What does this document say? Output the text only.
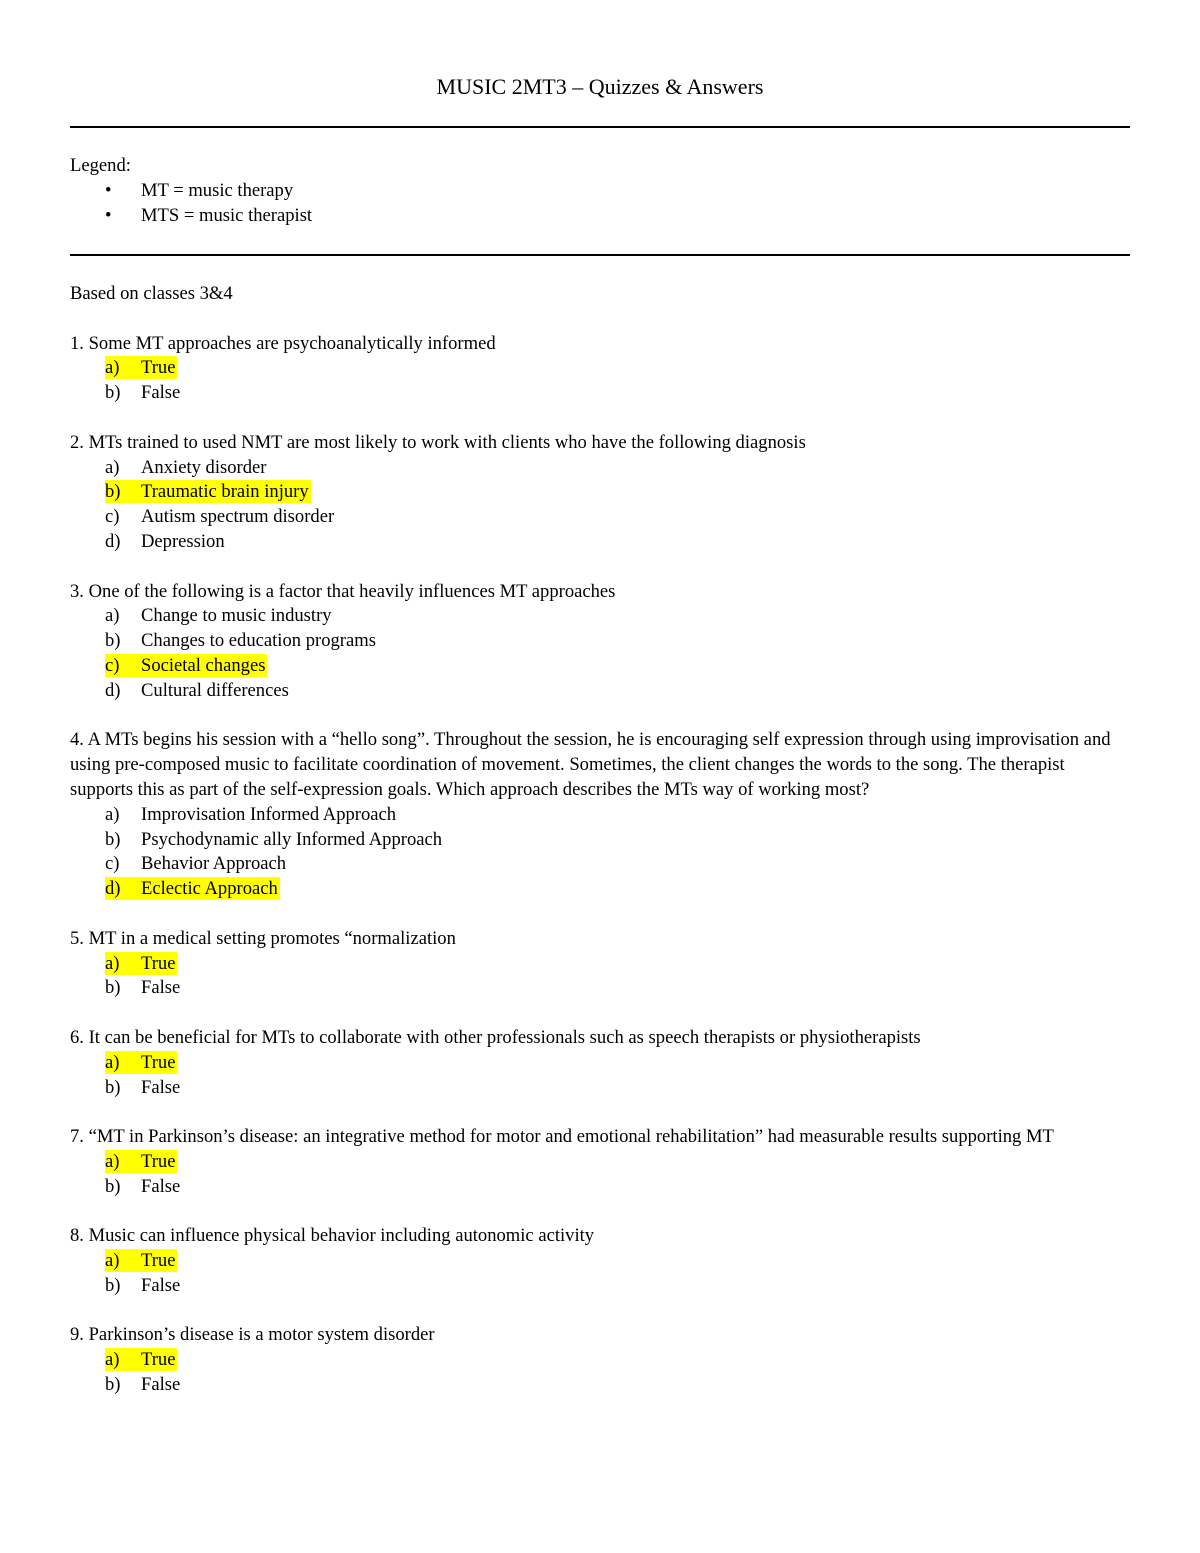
MUSIC 2MT3 – Quizzes & Answers
Legend:
• MT = music therapy
• MTS = music therapist
Based on classes 3&4
1. Some MT approaches are psychoanalytically informed
a) True
b)	False
2. MTs trained to used NMT are most likely to work with clients who have the following diagnosis
a)	Anxiety disorder
b) Traumatic brain injury
c)	Autism spectrum disorder
d)	Depression
3. One of the following is a factor that heavily influences MT approaches
a)	Change to music industry
b)	Changes to education programs
c) Societal changes
d)	Cultural differences
4. A MTs begins his session with a “hello song”. Throughout the session, he is encouraging self expression through using improvisation and using pre-composed music to facilitate coordination of movement. Sometimes, the client changes the words to the song. The therapist supports this as part of the self-expression goals. Which approach describes the MTs way of working most?
a)	Improvisation Informed Approach
b)	Psychodynamic ally Informed Approach
c)	Behavior Approach
d) Eclectic Approach
5. MT in a medical setting promotes “normalization
a) True
b)	False
6. It can be beneficial for MTs to collaborate with other professionals such as speech therapists or physiotherapists
a) True
b)	False
7. “MT in Parkinson’s disease: an integrative method for motor and emotional rehabilitation” had measurable results supporting MT
a) True
b)	False
8. Music can influence physical behavior including autonomic activity
a) True
b)	False
9. Parkinson’s disease is a motor system disorder
a) True
b)	False
